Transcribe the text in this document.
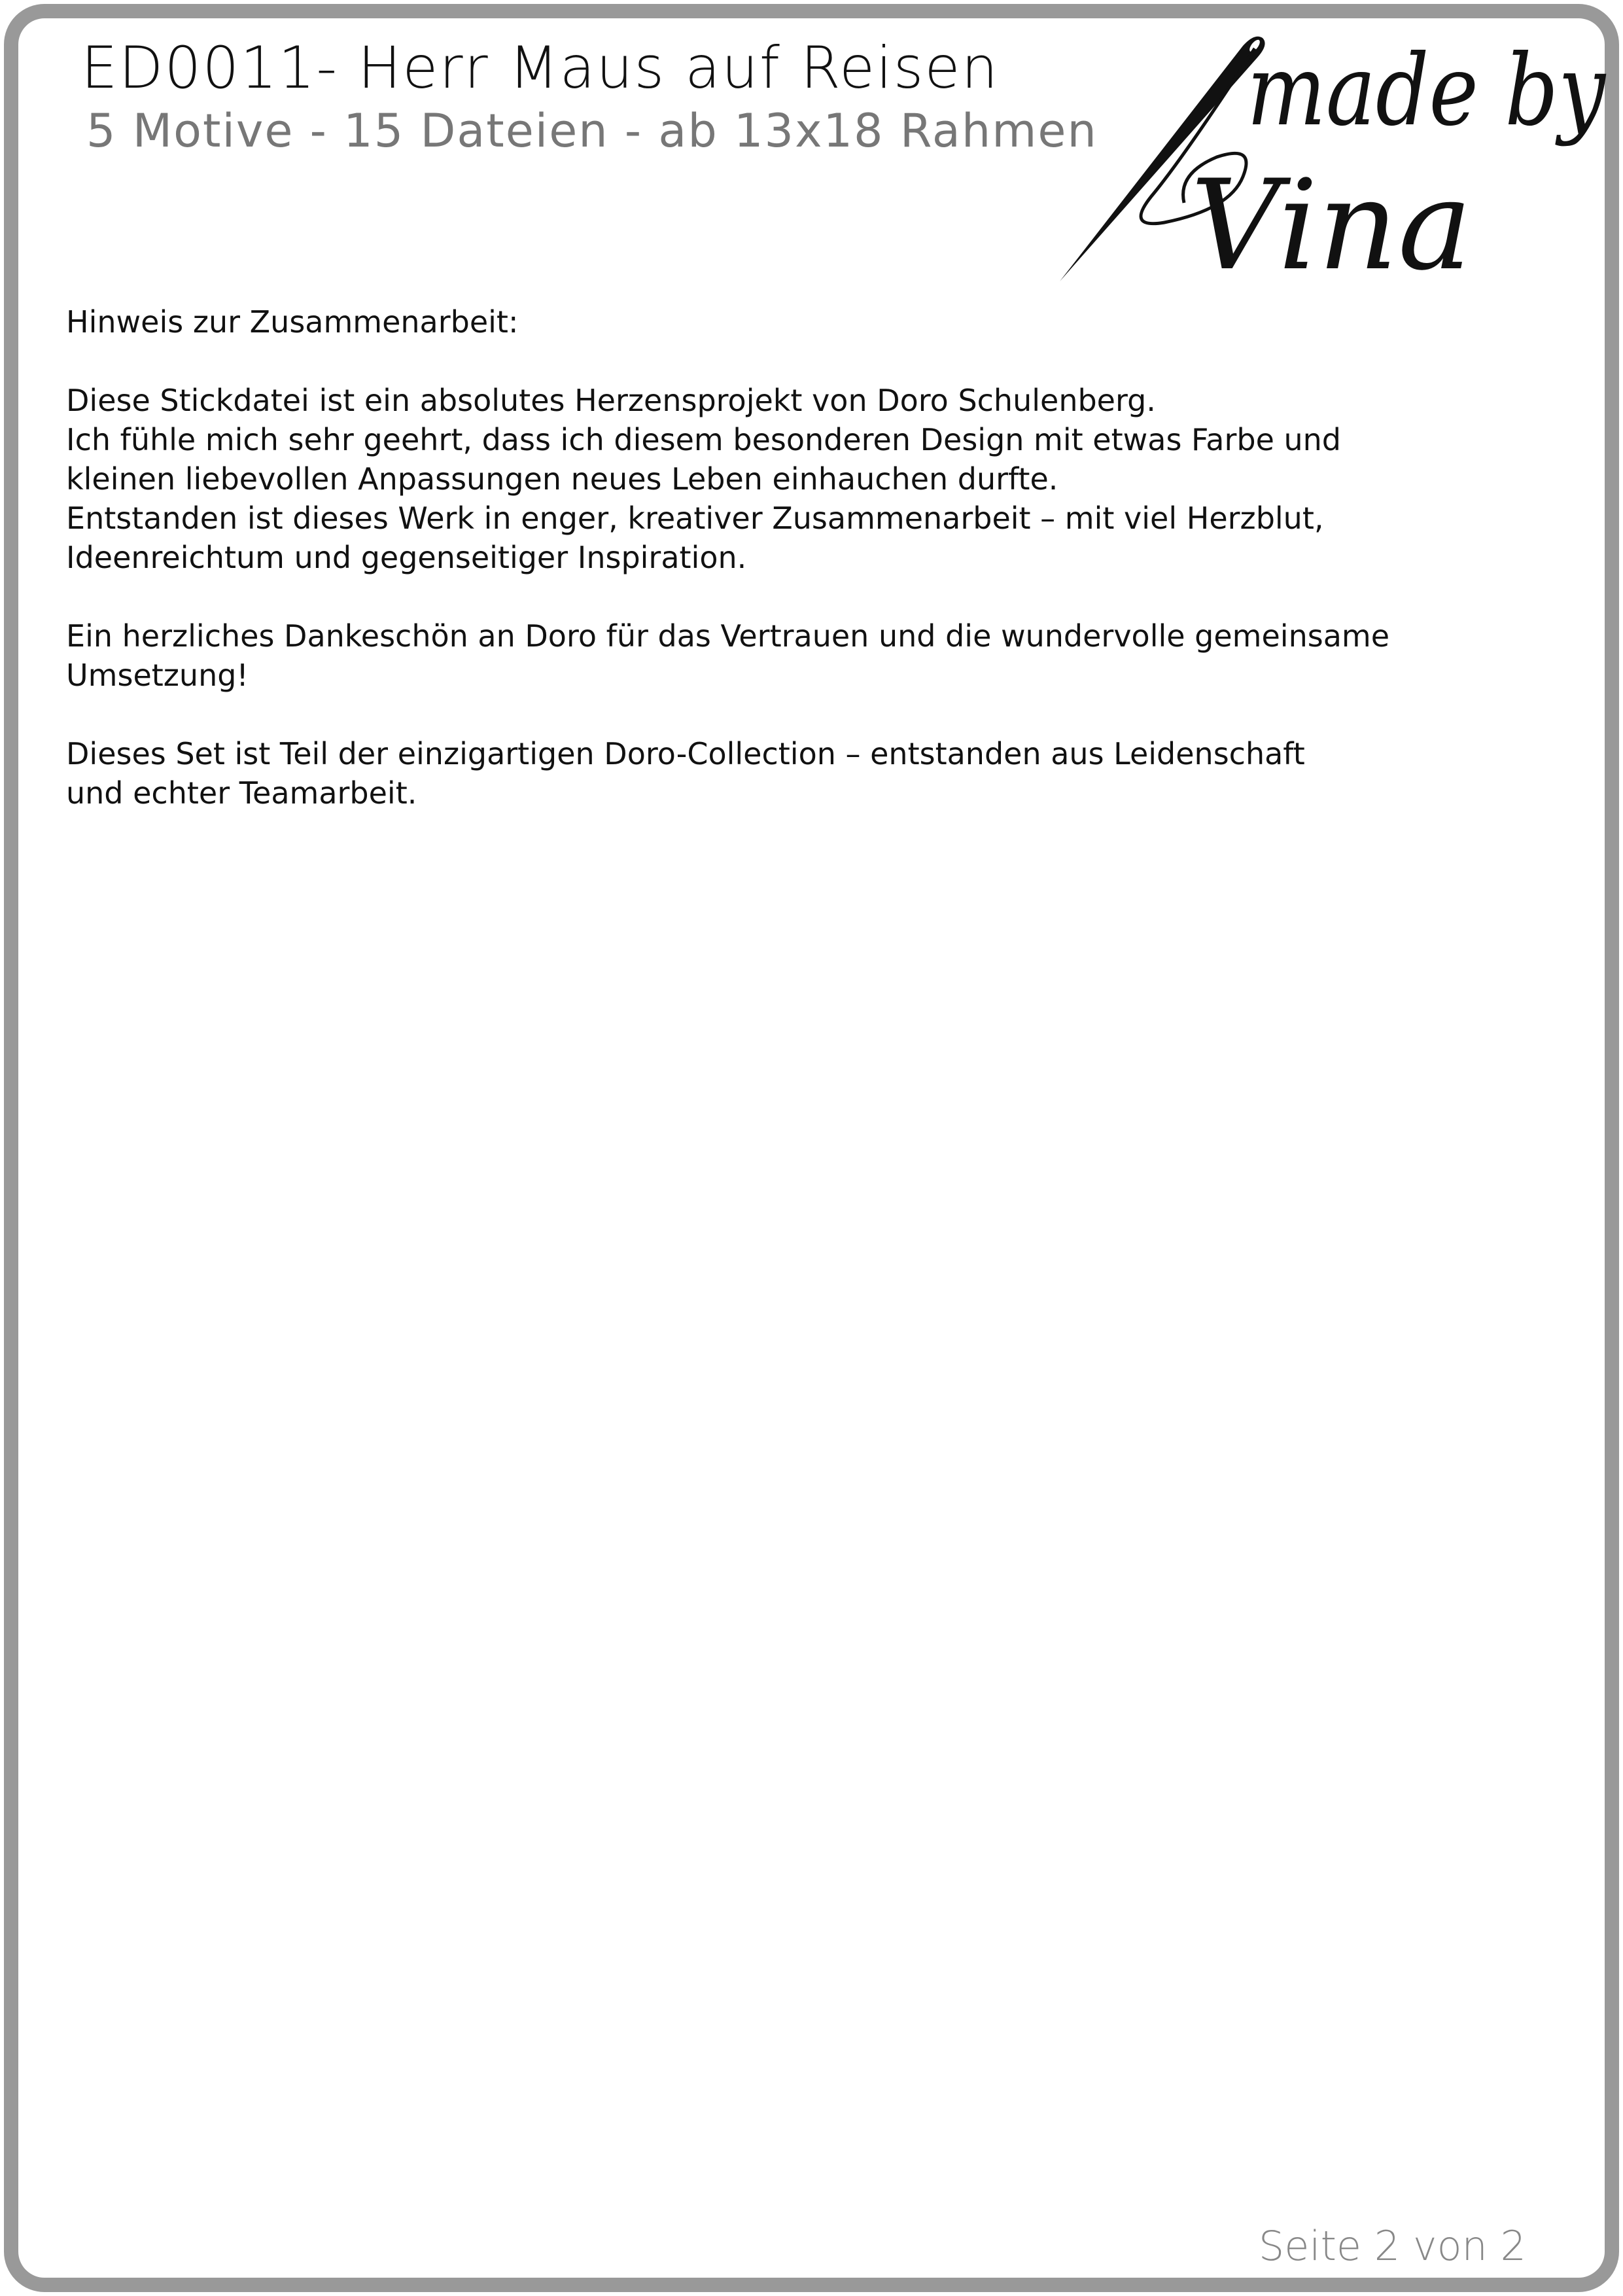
ED0011- Herr Maus auf Reisen
5 Motive - 15 Dateien - ab 13x18 Rahmen made by
Vina

Hinweis zur Zusammenarbeit:

Diese Stickdatei ist ein absolutes Herzensprojekt von Doro Schulenberg.

Ich fühle mich sehr geehrt, dass ich diesem besonderen Design mit etwas Farbe und

kleinen liebevollen Anpassungen neues Leben einhauchen durfte.

Entstanden ist dieses Werk in enger, kreativer Zusammenarbeit – mit viel Herzblut,

Ideenreichtum und gegenseitiger Inspiration.

Ein herzliches Dankeschön an Doro für das Vertrauen und die wundervolle gemeinsame

Umsetzung!

Dieses Set ist Teil der einzigartigen Doro-Collection – entstanden aus Leidenschaft

und echter Teamarbeit.

Seite 2 von 2
